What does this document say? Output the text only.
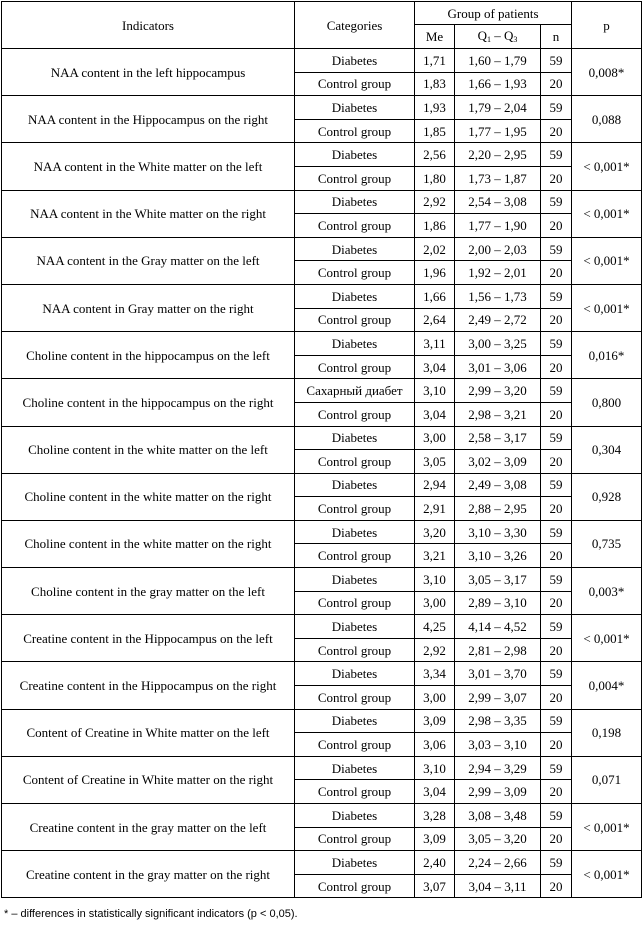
Indicators	Categories	Group of patients			p
		Me	$Q_1 - Q_3$	n	
NAA content in the left hippocampus	Diabetes	1,71	1,60 – 1,79	59	0,008*
	Control group	1,83	1,66 – 1,93	20	
NAA content in the Hippocampus on the right	Diabetes	1,93	1,79 – 2,04	59	0,088
	Control group	1,85	1,77 – 1,95	20	
NAA content in the White matter on the left	Diabetes	2,56	2,20 – 2,95	59	< 0,001*
	Control group	1,80	1,73 – 1,87	20	
NAA content in the White matter on the right	Diabetes	2,92	2,54 – 3,08	59	< 0,001*
	Control group	1,86	1,77 – 1,90	20	
NAA content in the Gray matter on the left	Diabetes	2,02	2,00 – 2,03	59	< 0,001*
	Control group	1,96	1,92 – 2,01	20	
NAA content in Gray matter on the right	Diabetes	1,66	1,56 – 1,73	59	< 0,001*
	Control group	2,64	2,49 – 2,72	20	
Choline content in the hippocampus on the left	Diabetes	3,11	3,00 – 3,25	59	0,016*
	Control group	3,04	3,01 – 3,06	20	
Choline content in the hippocampus on the right	Сахарный диабет	3,10	2,99 – 3,20	59	0,800
	Control group	3,04	2,98 – 3,21	20	
Choline content in the white matter on the left	Diabetes	3,00	2,58 – 3,17	59	0,304
	Control group	3,05	3,02 – 3,09	20	
Choline content in the white matter on the right	Diabetes	2,94	2,49 – 3,08	59	0,928
	Control group	2,91	2,88 – 2,95	20	
Choline content in the white matter on the right	Diabetes	3,20	3,10 – 3,30	59	0,735
	Control group	3,21	3,10 – 3,26	20	
Choline content in the gray matter on the left	Diabetes	3,10	3,05 – 3,17	59	0,003*
	Control group	3,00	2,89 – 3,10	20	
Creatine content in the Hippocampus on the left	Diabetes	4,25	4,14 – 4,52	59	< 0,001*
	Control group	2,92	2,81 – 2,98	20	
Creatine content in the Hippocampus on the right	Diabetes	3,34	3,01 – 3,70	59	0,004*
	Control group	3,00	2,99 – 3,07	20	
Content of Creatine in White matter on the left	Diabetes	3,09	2,98 – 3,35	59	0,198
	Control group	3,06	3,03 – 3,10	20	
Content of Creatine in White matter on the right	Diabetes	3,10	2,94 – 3,29	59	0,071
	Control group	3,04	2,99 – 3,09	20	
Creatine content in the gray matter on the left	Diabetes	3,28	3,08 – 3,48	59	< 0,001*
	Control group	3,09	3,05 – 3,20	20	
Creatine content in the gray matter on the right	Diabetes	2,40	2,24 – 2,66	59	< 0,001*
	Control group	3,07	3,04 – 3,11	20	
* – differences in statistically significant indicators (p < 0,05).
